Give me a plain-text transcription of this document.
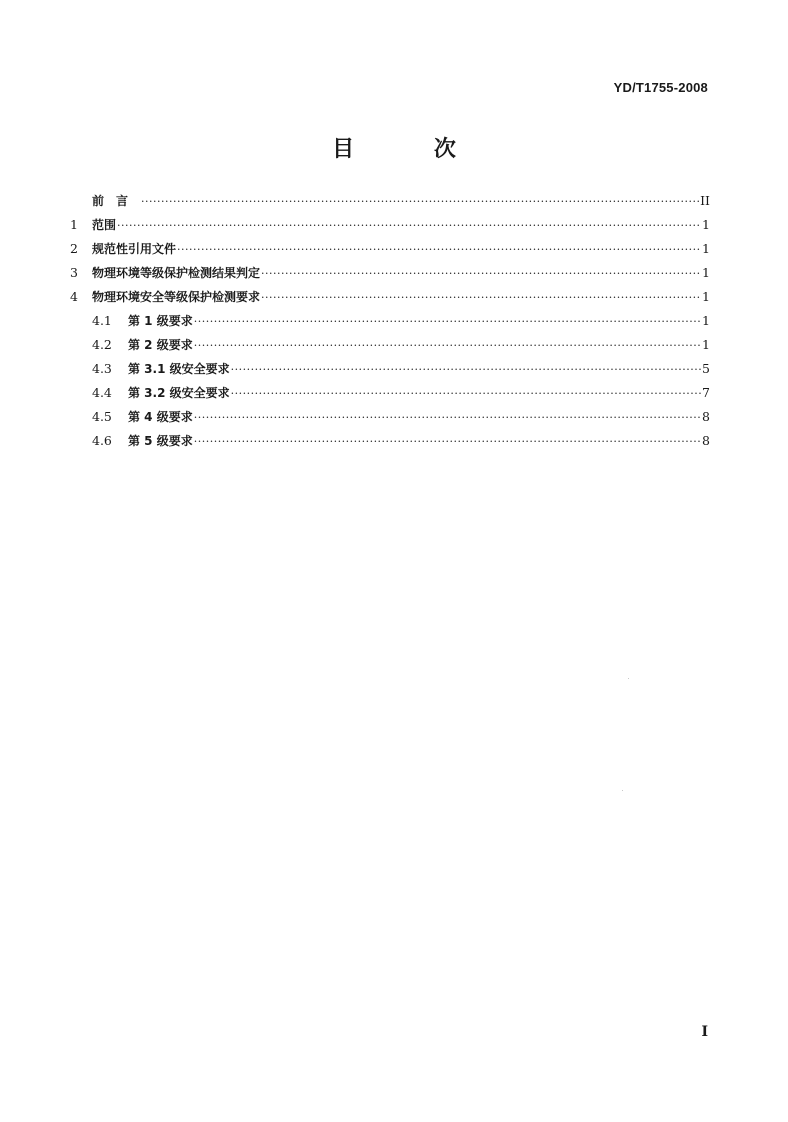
YD/T1755-2008
目 次
前言 ·····	II
1	范围 ·····	1
2	规范性引用文件 ·····	1
3	物理环境等级保护检测结果判定 ·····	1
4	物理环境安全等级保护检测要求 ·····	1
4.1	第 1 级要求 ·····	1
4.2	第 2 级要求 ·····	1
4.3	第 3.1 级安全要求 ·····	5
4.4	第 3.2 级安全要求 ·····	7
4.5	第 4 级要求 ·····	8
4.6	第 5 级要求 ·····	8
I
